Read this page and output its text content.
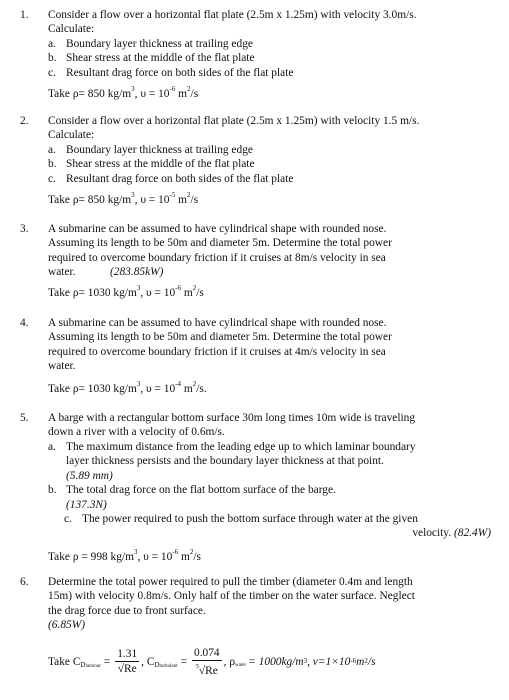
1. Consider a flow over a horizontal flat plate (2.5m x 1.25m) with velocity 3.0m/s.
Calculate:
a. Boundary layer thickness at trailing edge
b. Shear stress at the middle of the flat plate
c. Resultant drag force on both sides of the flat plate
Take ρ= 850 $kg/m^3$, $\upsilon = 10^{-6}$ $m^2/s$
2. Consider a flow over a horizontal flat plate (2.5m x 1.25m) with velocity 1.5 m/s.
Calculate:
a. Boundary layer thickness at trailing edge
b. Shear stress at the middle of the flat plate
c. Resultant drag force on both sides of the flat plate
Take ρ= 850 $kg/m^3$, $\upsilon = 10^{-5}$ $m^2/s$
3. A submarine can be assumed to have cylindrical shape with rounded nose.
Assuming its length to be 50m and diameter 5m. Determine the total power
required to overcome boundary friction if it cruises at 8m/s velocity in sea
water.	(283.85kW)
Take ρ= 1030 $kg/m^3$, $\upsilon = 10^{-6}$ $m^2/s$
4. A submarine can be assumed to have cylindrical shape with rounded nose.
Assuming its length to be 50m and diameter 5m. Determine the total power
required to overcome boundary friction if it cruises at 4m/s velocity in sea
water.
Take ρ= 1030 $kg/m^3$, $\upsilon = 10^{-4}$ $m^2/s$.
5. A barge with a rectangular bottom surface 30m long times 10m wide is traveling
down a river with a velocity of 0.6m/s.
a. The maximum distance from the leading edge up to which laminar boundary
layer thickness persists and the boundary layer thickness at that point.
(5.89 mm)
b. The total drag force on the flat bottom surface of the barge.
(137.3N)
c. The power required to push the bottom surface through water at the given
velocity. (82.4W)
Take ρ = 998 $kg/m^3$, $\upsilon = 10^{-6}$ $m^2/s$
6. Determine the total power required to pull the timber (diameter 0.4m and length
15m) with velocity 0.8m/s. Only half of the timber on the water surface. Neglect
the drag force due to front surface.
(6.85W)
Take C Dlaminar = $\frac{1.31}{√Re}$ , C Dturbulent = $\frac{0.074}{^5√Re}$ , ρ water = $1000kg/m^3$ , $\nu=1\times 10^{-6}$ $m^2$ /s
